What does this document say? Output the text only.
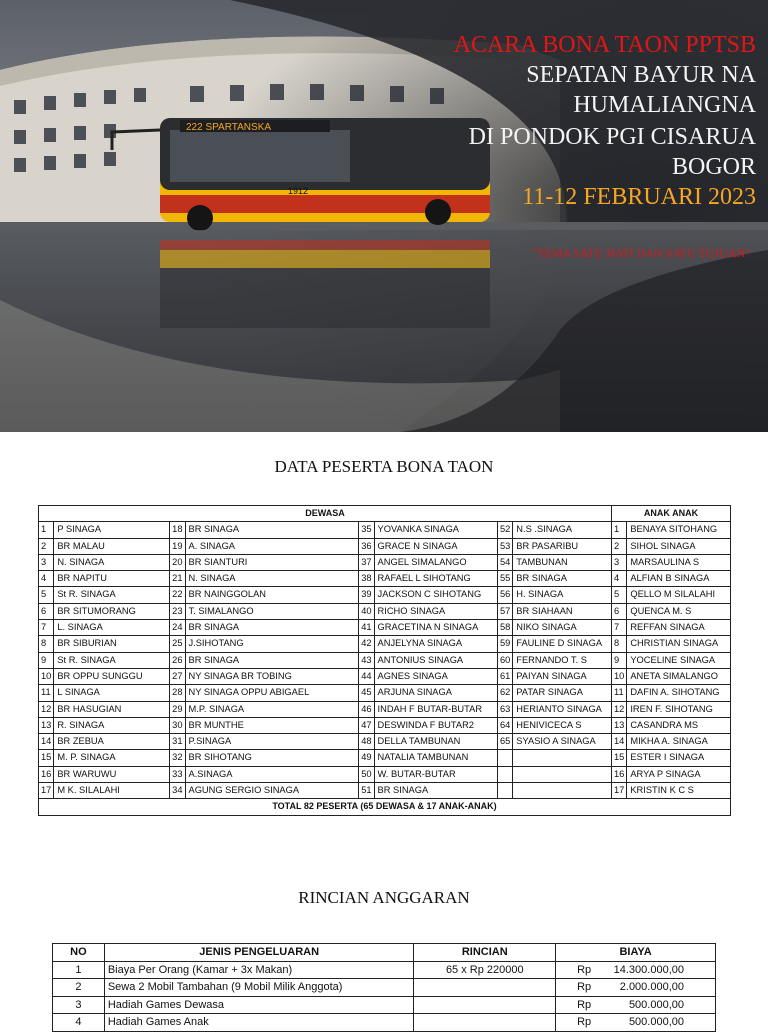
222 SPARTANSKA
1912
ACARA BONA TAON PPTSB
SEPATAN BAYUR NA
HUMALIANGNA
DI PONDOK PGI CISARUA
BOGOR
11-12 FEBRUARI 2023
"TEMA SATU HATI DAN SATU TUJUAN"
DATA PESERTA BONA TAON
DEWASA								ANAK ANAK	
1	P SINAGA	18	BR SINAGA	35	YOVANKA SINAGA	52	N.S .SINAGA	1	BENAYA SITOHANG
2	BR MALAU	19	A. SINAGA	36	GRACE N SINAGA	53	BR PASARIBU	2	SIHOL SINAGA
3	N. SINAGA	20	BR SIANTURI	37	ANGEL SIMALANGO	54	TAMBUNAN	3	MARSAULINA S
4	BR NAPITU	21	N. SINAGA	38	RAFAEL L SIHOTANG	55	BR SINAGA	4	ALFIAN B SINAGA
5	St R. SINAGA	22	BR NAINGGOLAN	39	JACKSON C SIHOTANG	56	H. SINAGA	5	QELLO M SILALAHI
6	BR SITUMORANG	23	T. SIMALANGO	40	RICHO SINAGA	57	BR SIAHAAN	6	QUENCA M. S
7	L. SINAGA	24	BR SINAGA	41	GRACETINA N SINAGA	58	NIKO SINAGA	7	REFFAN SINAGA
8	BR SIBURIAN	25	J.SIHOTANG	42	ANJELYNA SINAGA	59	FAULINE D SINAGA	8	CHRISTIAN SINAGA
9	St R. SINAGA	26	BR SINAGA	43	ANTONIUS SINAGA	60	FERNANDO T. S	9	YOCELINE SINAGA
10	BR OPPU SUNGGU	27	NY SINAGA BR TOBING	44	AGNES SINAGA	61	PAIYAN SINAGA	10	ANETA SIMALANGO
11	L SINAGA	28	NY SINAGA OPPU ABIGAEL	45	ARJUNA SINAGA	62	PATAR SINAGA	11	DAFIN A. SIHOTANG
12	BR HASUGIAN	29	M.P. SINAGA	46	INDAH F BUTAR-BUTAR	63	HERIANTO SINAGA	12	IREN F. SIHOTANG
13	R. SINAGA	30	BR MUNTHE	47	DESWINDA F BUTAR2	64	HENIVICECA S	13	CASANDRA MS
14	BR ZEBUA	31	P.SINAGA	48	DELLA TAMBUNAN	65	SYASIO A SINAGA	14	MIKHA A. SINAGA
15	M. P. SINAGA	32	BR SIHOTANG	49	NATALIA TAMBUNAN			15	ESTER I SINAGA
16	BR WARUWU	33	A.SINAGA	50	W. BUTAR-BUTAR			16	ARYA P SINAGA
17	M K. SILALAHI	34	AGUNG SERGIO SINAGA	51	BR SINAGA			17	KRISTIN K C S
TOTAL 82 PESERTA (65 DEWASA & 17 ANAK-ANAK)									
RINCIAN ANGGARAN
NO	JENIS PENGELUARAN	RINCIAN	BIAYA
1	Biaya Per Orang (Kamar + 3x Makan)	65 x Rp 220000	Rp 14.300.000,00

2	Sewa 2 Mobil Tambahan (9 Mobil Milik Anggota)		Rp 2.000.000,00

3	Hadiah Games Dewasa		Rp 500.000,00

4	Hadiah Games Anak		Rp 500.000,00
